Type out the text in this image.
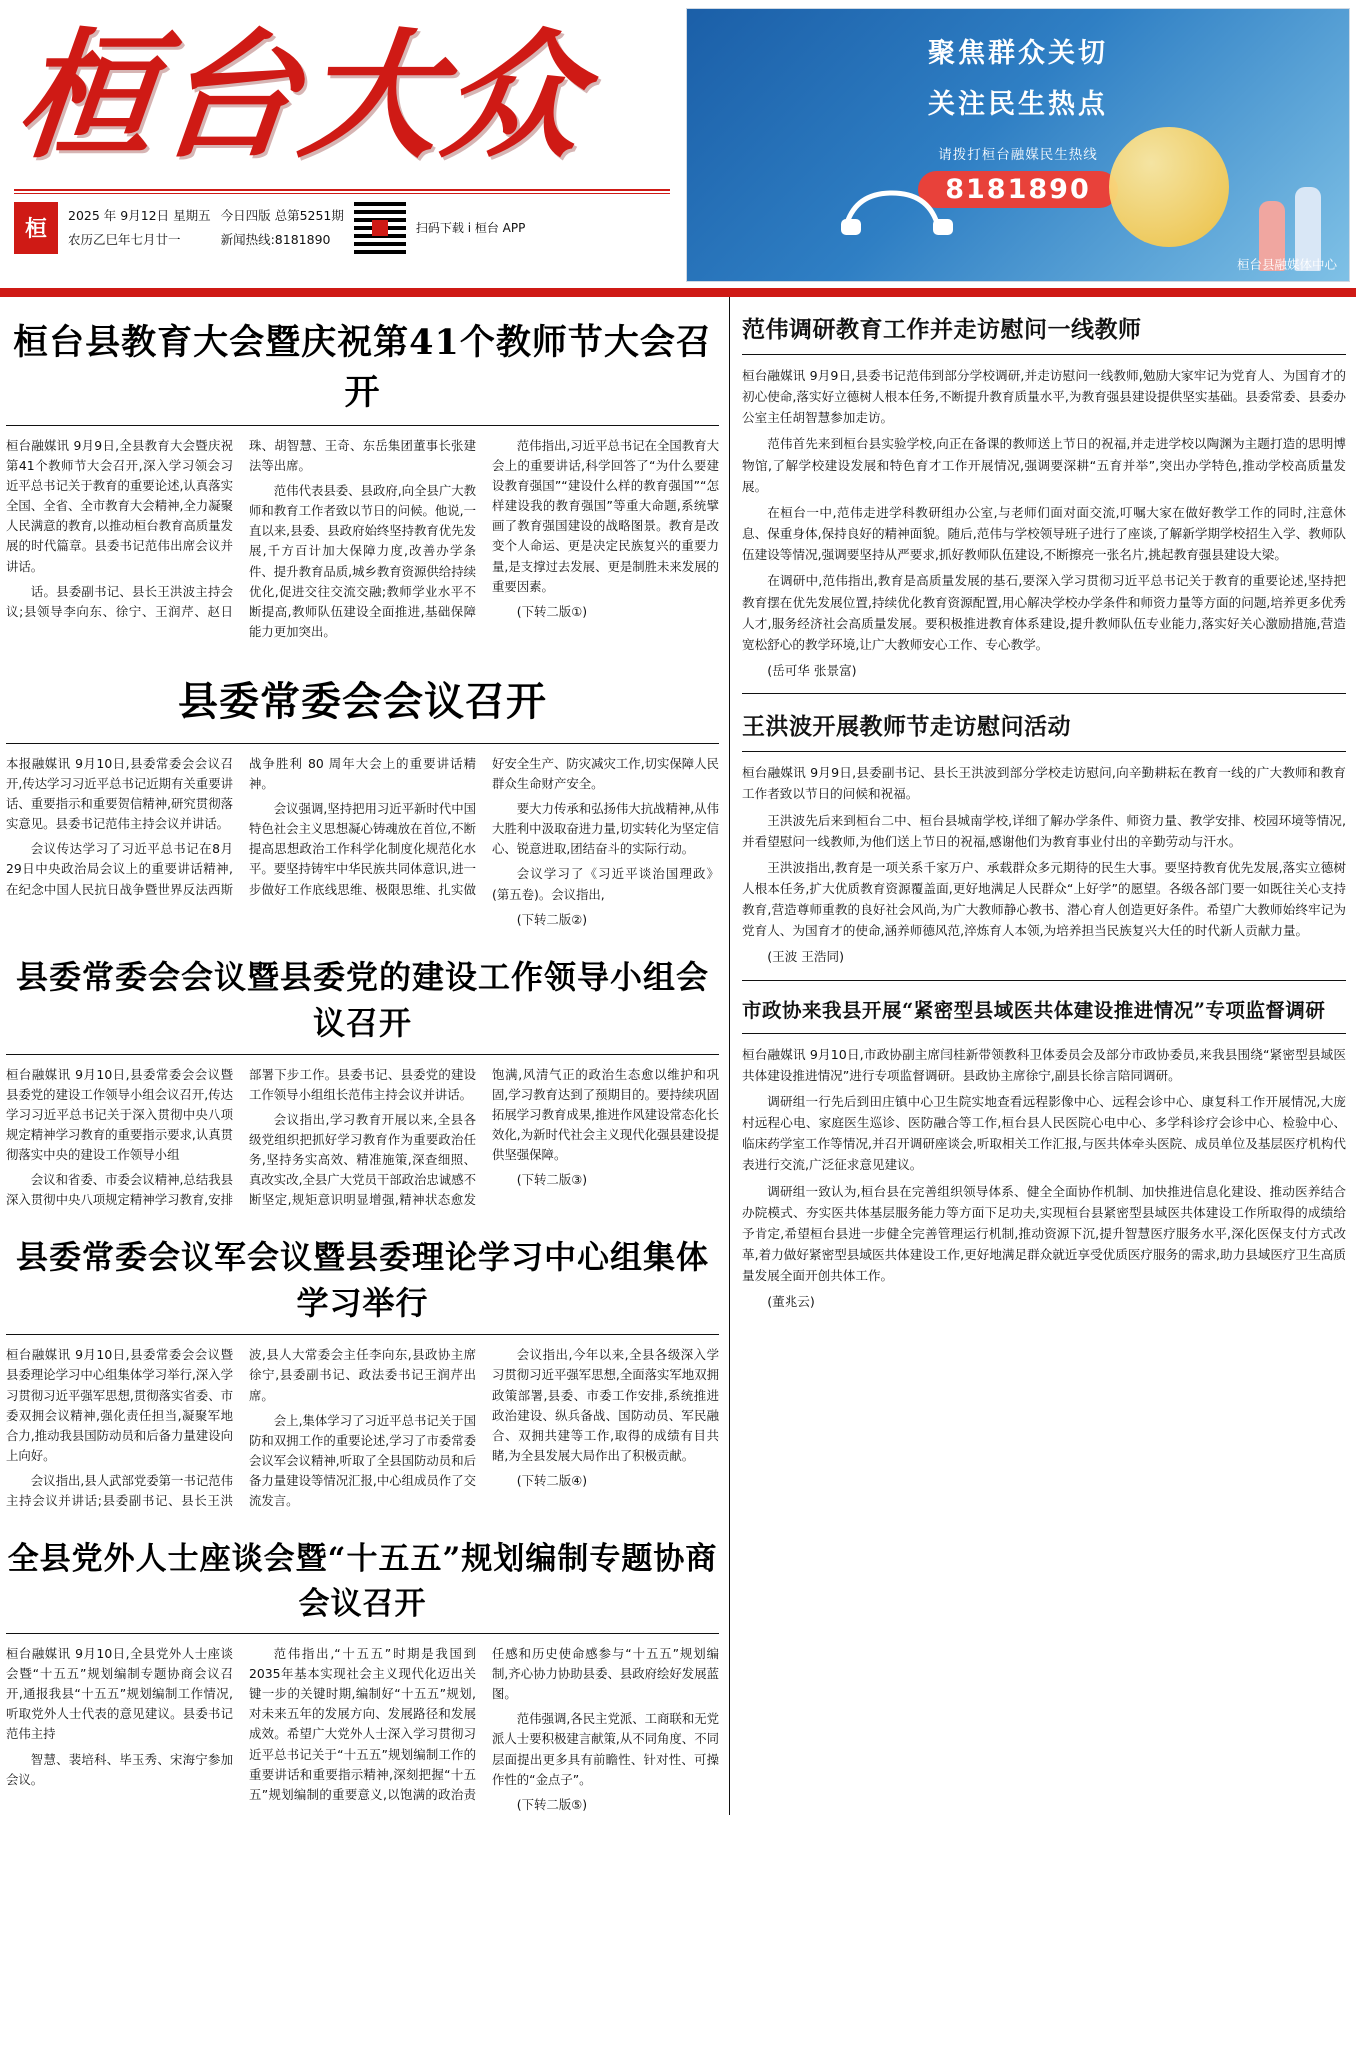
桓台大众
桓
2025 年 9月12日 星期五
农历乙巳年七月廿一
今日四版 总第5251期
新闻热线:8181890
扫码下载 i 桓台 APP
聚焦群众关切
关注民生热点
请拨打桓台融媒民生热线
8181890
桓台县融媒体中心
桓台县教育大会暨庆祝第41个教师节大会召开

桓台融媒讯 9月9日,全县教育大会暨庆祝第41个教师节大会召开,深入学习领会习近平总书记关于教育的重要论述,认真落实全国、全省、全市教育大会精神,全力凝聚人民满意的教育,以推动桓台教育高质量发展的时代篇章。县委书记范伟出席会议并讲话。

话。县委副书记、县长王洪波主持会议;县领导李向东、徐宁、王润芹、赵日珠、胡智慧、王奇、东岳集团董事长张建法等出席。

范伟代表县委、县政府,向全县广大教师和教育工作者致以节日的问候。他说,一直以来,县委、县政府始终坚持教育优先发展,千方百计加大保障力度,改善办学条件、提升教育品质,城乡教育资源供给持续优化,促进交往交流交融;教师学业水平不断提高,教师队伍建设全面推进,基础保障能力更加突出。

范伟指出,习近平总书记在全国教育大会上的重要讲话,科学回答了“为什么要建设教育强国”“建设什么样的教育强国”“怎样建设我的教育强国”等重大命题,系统擘画了教育强国建设的战略图景。教育是改变个人命运、更是决定民族复兴的重要力量,是支撑过去发展、更是制胜未来发展的重要因素。

(下转二版①)

县委常委会会议召开

本报融媒讯 9月10日,县委常委会会议召开,传达学习习近平总书记近期有关重要讲话、重要指示和重要贺信精神,研究贯彻落实意见。县委书记范伟主持会议并讲话。

会议传达学习了习近平总书记在8月29日中央政治局会议上的重要讲话精神,在纪念中国人民抗日战争暨世界反法西斯战争胜利 80 周年大会上的重要讲话精神。

会议强调,坚持把用习近平新时代中国特色社会主义思想凝心铸魂放在首位,不断提高思想政治工作科学化制度化规范化水平。要坚持铸牢中华民族共同体意识,进一步做好工作底线思维、极限思维、扎实做好安全生产、防灾减灾工作,切实保障人民群众生命财产安全。

要大力传承和弘扬伟大抗战精神,从伟大胜利中汲取奋进力量,切实转化为坚定信心、锐意进取,团结奋斗的实际行动。

会议学习了《习近平谈治国理政》(第五卷)。会议指出,

(下转二版②)

县委常委会会议暨县委党的建设工作领导小组会议召开

桓台融媒讯 9月10日,县委常委会会议暨县委党的建设工作领导小组会议召开,传达学习习近平总书记关于深入贯彻中央八项规定精神学习教育的重要指示要求,认真贯彻落实中央的建设工作领导小组

会议和省委、市委会议精神,总结我县深入贯彻中央八项规定精神学习教育,安排部署下步工作。县委书记、县委党的建设工作领导小组组长范伟主持会议并讲话。

会议指出,学习教育开展以来,全县各级党组织把抓好学习教育作为重要政治任务,坚持务实高效、精准施策,深查细照、真改实改,全县广大党员干部政治忠诚感不断坚定,规矩意识明显增强,精神状态愈发饱满,风清气正的政治生态愈以维护和巩固,学习教育达到了预期目的。要持续巩固拓展学习教育成果,推进作风建设常态化长效化,为新时代社会主义现代化强县建设提供坚强保障。

(下转二版③)

县委常委会议军会议暨县委理论学习中心组集体学习举行

桓台融媒讯 9月10日,县委常委会会议暨县委理论学习中心组集体学习举行,深入学习贯彻习近平强军思想,贯彻落实省委、市委双拥会议精神,强化责任担当,凝聚军地合力,推动我县国防动员和后备力量建设向上向好。

会议指出,县人武部党委第一书记范伟主持会议并讲话;县委副书记、县长王洪波,县人大常委会主任李向东,县政协主席徐宁,县委副书记、政法委书记王润芹出席。

会上,集体学习了习近平总书记关于国防和双拥工作的重要论述,学习了市委常委会议军会议精神,听取了全县国防动员和后备力量建设等情况汇报,中心组成员作了交流发言。

会议指出,今年以来,全县各级深入学习贯彻习近平强军思想,全面落实军地双拥政策部署,县委、市委工作安排,系统推进政治建设、纵兵备战、国防动员、军民融合、双拥共建等工作,取得的成绩有目共睹,为全县发展大局作出了积极贡献。

(下转二版④)

全县党外人士座谈会暨“十五五”规划编制专题协商会议召开

桓台融媒讯 9月10日,全县党外人士座谈会暨“十五五”规划编制专题协商会议召开,通报我县“十五五”规划编制工作情况,听取党外人士代表的意见建议。县委书记范伟主持

智慧、裴培科、毕玉秀、宋海宁参加会议。

范伟指出,“十五五”时期是我国到2035年基本实现社会主义现代化迈出关键一步的关键时期,编制好“十五五”规划,对未来五年的发展方向、发展路径和发展成效。希望广大党外人士深入学习贯彻习近平总书记关于“十五五”规划编制工作的重要讲话和重要指示精神,深刻把握“十五五”规划编制的重要意义,以饱满的政治责任感和历史使命感参与“十五五”规划编制,齐心协力协助县委、县政府绘好发展蓝图。

范伟强调,各民主党派、工商联和无党派人士要积极建言献策,从不同角度、不同层面提出更多具有前瞻性、针对性、可操作性的“金点子”。

(下转二版⑤)

范伟调研教育工作并走访慰问一线教师

桓台融媒讯 9月9日,县委书记范伟到部分学校调研,并走访慰问一线教师,勉励大家牢记为党育人、为国育才的初心使命,落实好立德树人根本任务,不断提升教育质量水平,为教育强县建设提供坚实基础。县委常委、县委办公室主任胡智慧参加走访。

范伟首先来到桓台县实验学校,向正在备课的教师送上节日的祝福,并走进学校以陶渊为主题打造的思明博物馆,了解学校建设发展和特色育才工作开展情况,强调要深耕“五育并举”,突出办学特色,推动学校高质量发展。

在桓台一中,范伟走进学科教研组办公室,与老师们面对面交流,叮嘱大家在做好教学工作的同时,注意休息、保重身体,保持良好的精神面貌。随后,范伟与学校领导班子进行了座谈,了解新学期学校招生入学、教师队伍建设等情况,强调要坚持从严要求,抓好教师队伍建设,不断擦亮一张名片,挑起教育强县建设大梁。

在调研中,范伟指出,教育是高质量发展的基石,要深入学习贯彻习近平总书记关于教育的重要论述,坚持把教育摆在优先发展位置,持续优化教育资源配置,用心解决学校办学条件和师资力量等方面的问题,培养更多优秀人才,服务经济社会高质量发展。要积极推进教育体系建设,提升教师队伍专业能力,落实好关心激励措施,营造宽松舒心的教学环境,让广大教师安心工作、专心教学。

(岳可华 张景富)

王洪波开展教师节走访慰问活动

桓台融媒讯 9月9日,县委副书记、县长王洪波到部分学校走访慰问,向辛勤耕耘在教育一线的广大教师和教育工作者致以节日的问候和祝福。

王洪波先后来到桓台二中、桓台县城南学校,详细了解办学条件、师资力量、教学安排、校园环境等情况,并看望慰问一线教师,为他们送上节日的祝福,感谢他们为教育事业付出的辛勤劳动与汗水。

王洪波指出,教育是一项关系千家万户、承载群众多元期待的民生大事。要坚持教育优先发展,落实立德树人根本任务,扩大优质教育资源覆盖面,更好地满足人民群众“上好学”的愿望。各级各部门要一如既往关心支持教育,营造尊师重教的良好社会风尚,为广大教师静心教书、潜心育人创造更好条件。希望广大教师始终牢记为党育人、为国育才的使命,涵养师德风范,淬炼育人本领,为培养担当民族复兴大任的时代新人贡献力量。

(王波 王浩同)

市政协来我县开展“紧密型县域医共体建设推进情况”专项监督调研

桓台融媒讯 9月10日,市政协副主席闫桂新带领教科卫体委员会及部分市政协委员,来我县围绕“紧密型县域医共体建设推进情况”进行专项监督调研。县政协主席徐宁,副县长徐言陪同调研。

调研组一行先后到田庄镇中心卫生院实地查看远程影像中心、远程会诊中心、康复科工作开展情况,大庞村远程心电、家庭医生巡诊、医防融合等工作,桓台县人民医院心电中心、多学科诊疗会诊中心、检验中心、临床药学室工作等情况,并召开调研座谈会,听取相关工作汇报,与医共体牵头医院、成员单位及基层医疗机构代表进行交流,广泛征求意见建议。

调研组一致认为,桓台县在完善组织领导体系、健全全面协作机制、加快推进信息化建设、推动医养结合办院模式、夯实医共体基层服务能力等方面下足功夫,实现桓台县紧密型县域医共体建设工作所取得的成绩给予肯定,希望桓台县进一步健全完善管理运行机制,推动资源下沉,提升智慧医疗服务水平,深化医保支付方式改革,着力做好紧密型县域医共体建设工作,更好地满足群众就近享受优质医疗服务的需求,助力县域医疗卫生高质量发展全面开创共体工作。

(董兆云)
